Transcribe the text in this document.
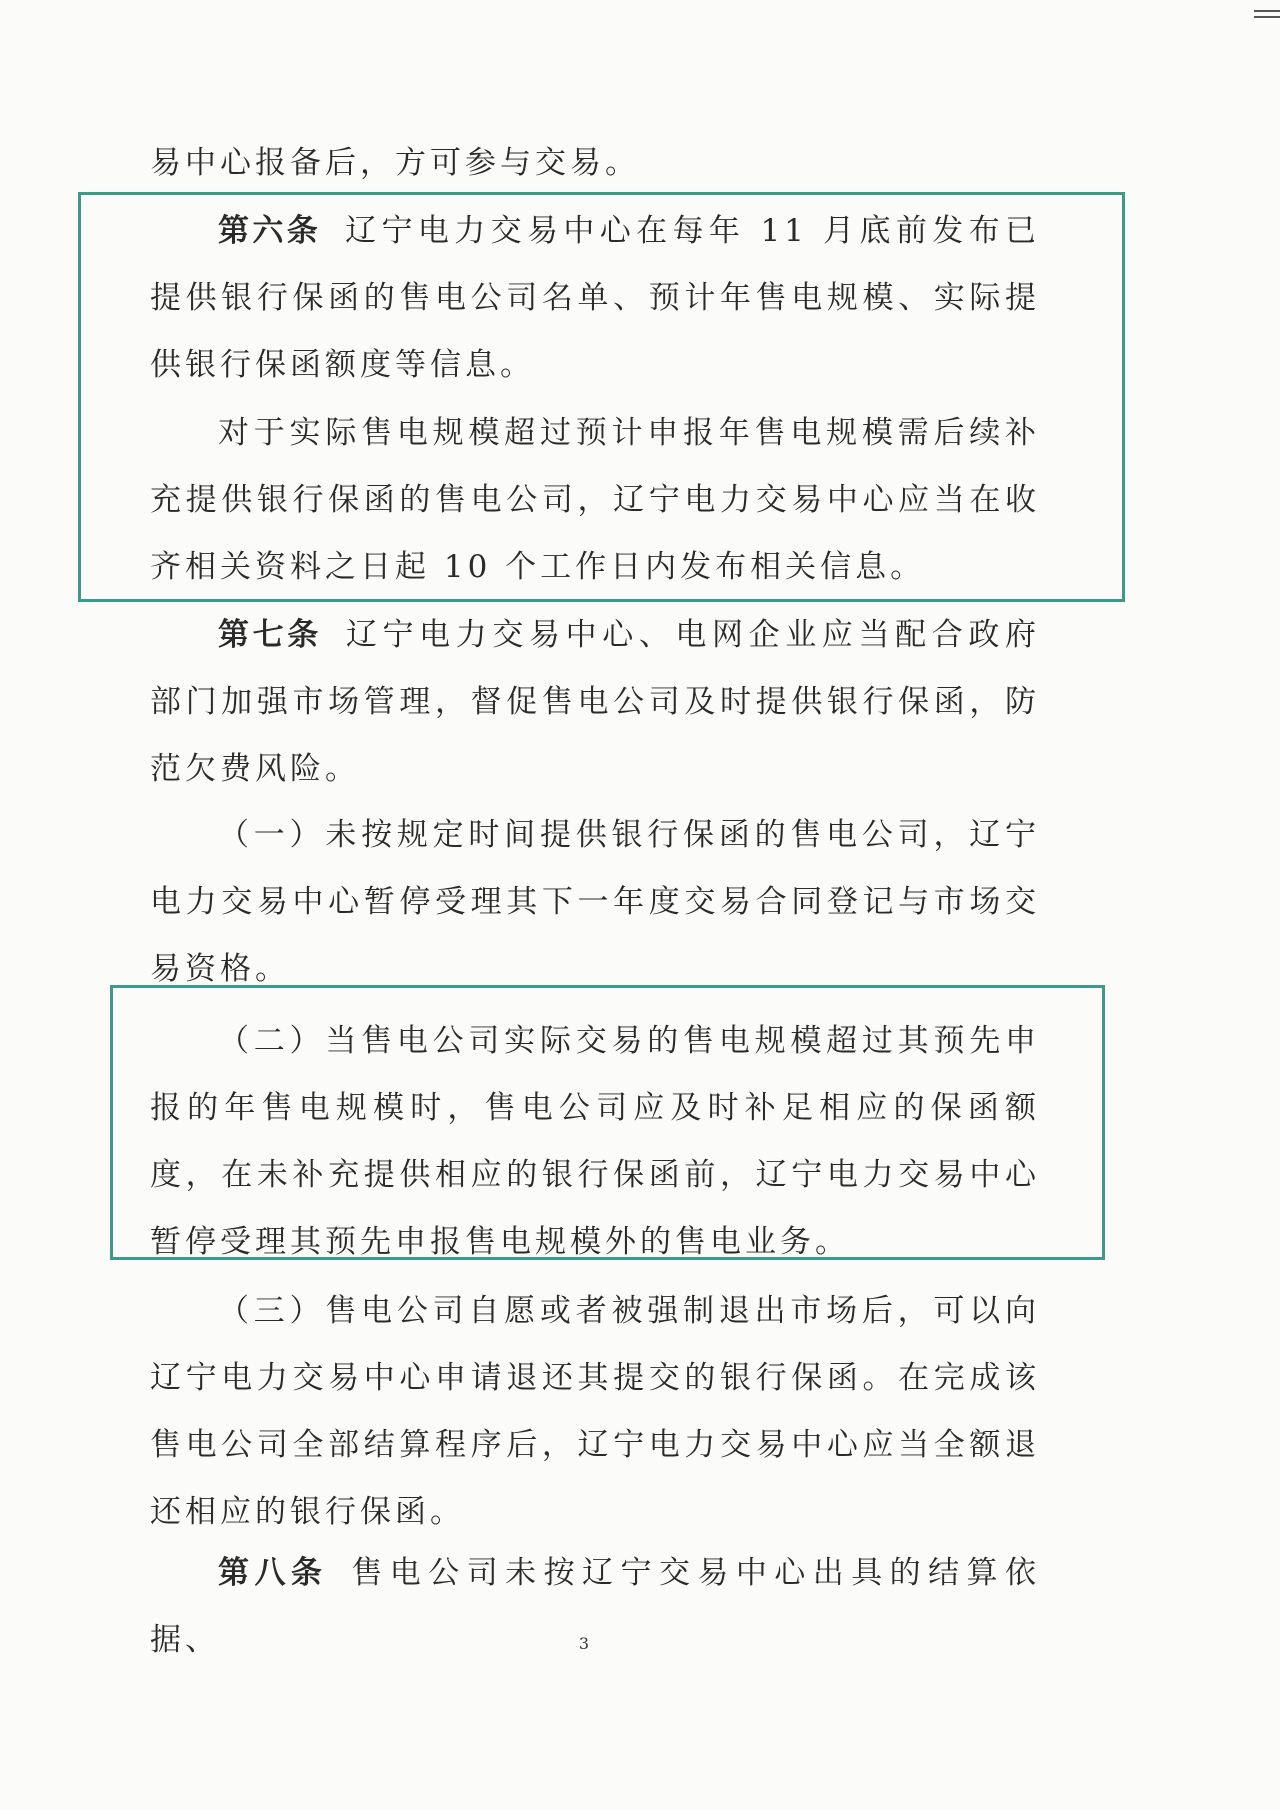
易中心报备后，方可参与交易。

第六条 辽宁电力交易中心在每年 11 月底前发布已提供银行保函的售电公司名单、预计年售电规模、实际提供银行保函额度等信息。

对于实际售电规模超过预计申报年售电规模需后续补充提供银行保函的售电公司，辽宁电力交易中心应当在收齐相关资料之日起 10 个工作日内发布相关信息。

第七条 辽宁电力交易中心、电网企业应当配合政府部门加强市场管理，督促售电公司及时提供银行保函，防范欠费风险。

（一）未按规定时间提供银行保函的售电公司，辽宁电力交易中心暂停受理其下一年度交易合同登记与市场交易资格。

（二）当售电公司实际交易的售电规模超过其预先申报的年售电规模时，售电公司应及时补足相应的保函额度，在未补充提供相应的银行保函前，辽宁电力交易中心暂停受理其预先申报售电规模外的售电业务。

（三）售电公司自愿或者被强制退出市场后，可以向辽宁电力交易中心申请退还其提交的银行保函。在完成该售电公司全部结算程序后，辽宁电力交易中心应当全额退还相应的银行保函。

第八条 售电公司未按辽宁交易中心出具的结算依据、	3
